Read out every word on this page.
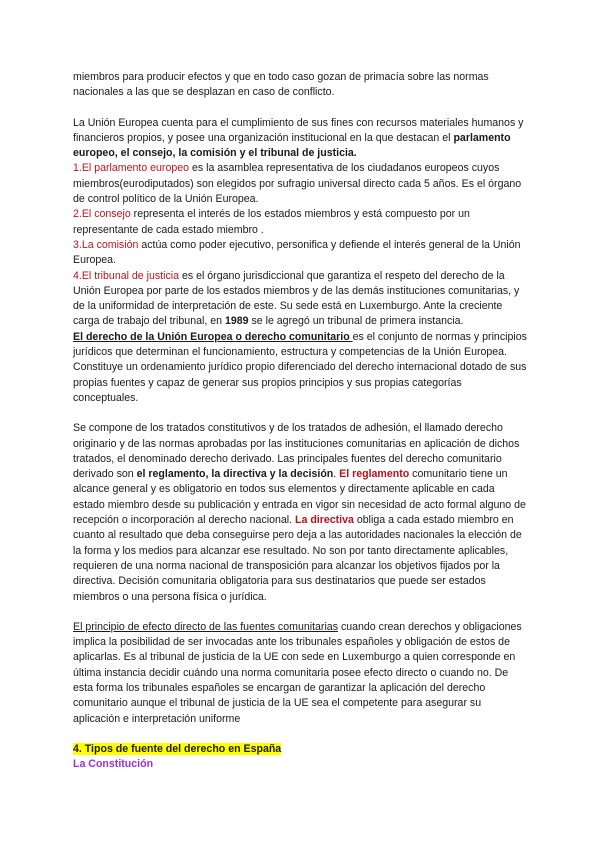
miembros para producir efectos y que en todo caso gozan de primacía sobre las normas nacionales a las que se desplazan en caso de conflicto.

La Unión Europea cuenta para el cumplimiento de sus fines con recursos materiales humanos y financieros propios, y posee una organización institucional en la que destacan el parlamento europeo, el consejo, la comisión y el tribunal de justicia.

1.El parlamento europeo es la asamblea representativa de los ciudadanos europeos cuyos miembros(eurodiputados) son elegidos por sufragio universal directo cada 5 años. Es el órgano de control político de la Unión Europea.

2.El consejo representa el interés de los estados miembros y está compuesto por un representante de cada estado miembro .

3.La comisión actúa como poder ejecutivo, personifica y defiende el interés general de la Unión Europea.

4.El tribunal de justicia es el órgano jurisdiccional que garantiza el respeto del derecho de la Unión Europea por parte de los estados miembros y de las demás instituciones comunitarias, y de la uniformidad de interpretación de este. Su sede está en Luxemburgo. Ante la creciente carga de trabajo del tribunal, en 1989 se le agregó un tribunal de primera instancia.

El derecho de la Unión Europea o derecho comunitario es el conjunto de normas y principios jurídicos que determinan el funcionamiento, estructura y competencias de la Unión Europea. Constituye un ordenamiento jurídico propio diferenciado del derecho internacional dotado de sus propias fuentes y capaz de generar sus propios principios y sus propias categorías conceptuales.

Se compone de los tratados constitutivos y de los tratados de adhesión, el llamado derecho originario y de las normas aprobadas por las instituciones comunitarias en aplicación de dichos tratados, el denominado derecho derivado. Las principales fuentes del derecho comunitario derivado son el reglamento, la directiva y la decisión. El reglamento comunitario tiene un alcance general y es obligatorio en todos sus elementos y directamente aplicable en cada estado miembro desde su publicación y entrada en vigor sin necesidad de acto formal alguno de recepción o incorporación al derecho nacional. La directiva obliga a cada estado miembro en cuanto al resultado que deba conseguirse pero deja a las autoridades nacionales la elección de la forma y los medios para alcanzar ese resultado. No son por tanto directamente aplicables, requieren de una norma nacional de transposición para alcanzar los objetivos fijados por la directiva. Decisión comunitaria obligatoria para sus destinatarios que puede ser estados miembros o una persona física o jurídica.

El principio de efecto directo de las fuentes comunitarias cuando crean derechos y obligaciones implica la posibilidad de ser invocadas ante los tribunales españoles y obligación de estos de aplicarlas. Es al tribunal de justicia de la UE con sede en Luxemburgo a quien corresponde en última instancia decidir cuándo una norma comunitaria posee efecto directo o cuando no. De esta forma los tribunales españoles se encargan de garantizar la aplicación del derecho comunitario aunque el tribunal de justicia de la UE sea el competente para asegurar su aplicación e interpretación uniforme

4. Tipos de fuente del derecho en España

La Constitución
